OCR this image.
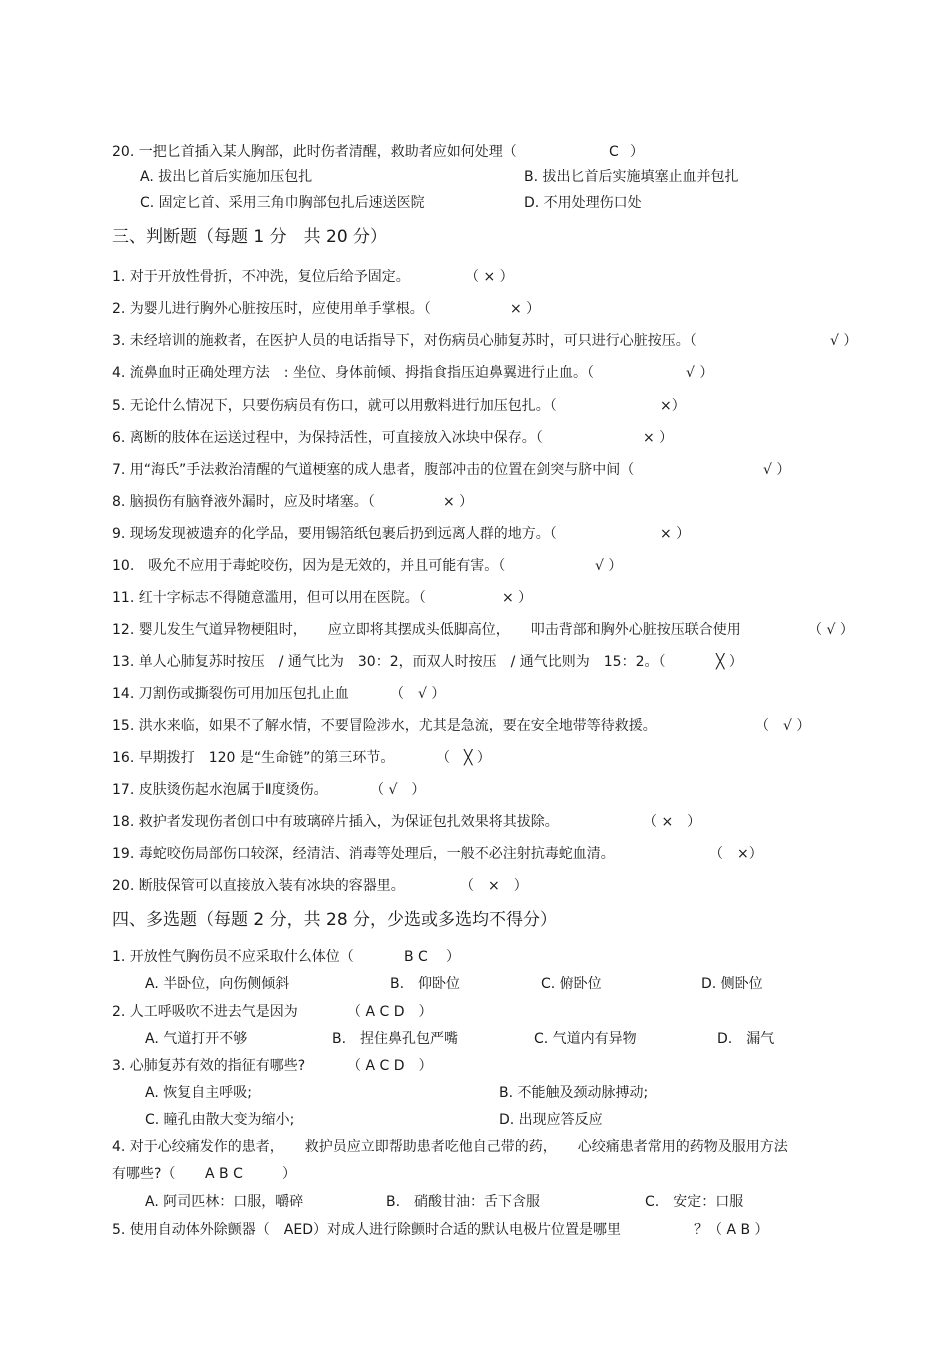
20. 一把匕首插入某人胸部，此时伤者清醒，救助者应如何处理（	C ）
A. 拔出匕首后实施加压包扎	B. 拔出匕首后实施填塞止血并包扎
C. 固定匕首、采用三角巾胸部包扎后速送医院	D. 不用处理伤口处
三、判断题（每题 1 分　共 20 分）
1. 对于开放性骨折，不冲洗，复位后给予固定。	（ × ）
2. 为婴儿进行胸外心脏按压时，应使用单手掌根。（	× ）
3. 未经培训的施救者，在医护人员的电话指导下，对伤病员心肺复苏时，可只进行心脏按压。（	√ ）
4. 流鼻血时正确处理方法　: 坐位、身体前倾、拇指食指压迫鼻翼进行止血。（	√ ）
5. 无论什么情况下，只要伤病员有伤口，就可以用敷料进行加压包扎。（	×）
6. 离断的肢体在运送过程中，为保持活性，可直接放入冰块中保存。（	× ）
7. 用“海氏”手法救治清醒的气道梗塞的成人患者，腹部冲击的位置在剑突与脐中间（	√ ）
8. 脑损伤有脑脊液外漏时，应及时堵塞。（	× ）
9. 现场发现被遗弃的化学品，要用锡箔纸包裹后扔到远离人群的地方。（	× ）
10.　吸允不应用于毒蛇咬伤，因为是无效的，并且可能有害。（	√ ）
11. 红十字标志不得随意滥用，但可以用在医院。（	× ）
12. 婴儿发生气道异物梗阻时，　　应立即将其摆成头低脚高位，　　叩击背部和胸外心脏按压联合使用	（ √ ）
13. 单人心肺复苏时按压　/ 通气比为　30：2，而双人时按压　/ 通气比则为　15：2。（	╳ ）
14. 刀割伤或撕裂伤可用加压包扎止血	（　√ ）
15. 洪水来临，如果不了解水情，不要冒险涉水，尤其是急流，要在安全地带等待救援。	（　√ ）
16. 早期拨打　120 是“生命链”的第三环节。	（　╳ ）
17. 皮肤烫伤起水泡属于Ⅱ度烫伤。	（ √　）
18. 救护者发现伤者创口中有玻璃碎片插入，为保证包扎效果将其拔除。	（ ×　）
19. 毒蛇咬伤局部伤口较深，经清洁、消毒等处理后，一般不必注射抗毒蛇血清。	（　×）
20. 断肢保管可以直接放入装有冰块的容器里。	（　×　）
四、多选题（每题 2 分，共 28 分，少选或多选均不得分）
1. 开放性气胸伤员不应采取什么体位（	B C ）
A. 半卧位，向伤侧倾斜	B.　仰卧位	C. 俯卧位	D. 侧卧位
2. 人工呼吸吹不进去气是因为	（ A C D　）
A. 气道打开不够	B.　捏住鼻孔包严嘴	C. 气道内有异物	D.　漏气
3. 心肺复苏有效的指征有哪些?	（ A C D　）
A. 恢复自主呼吸;	B. 不能触及颈动脉搏动;
C. 瞳孔由散大变为缩小;	D. 出现应答反应
4. 对于心绞痛发作的患者，　　救护员应立即帮助患者吃他自己带的药，　　心绞痛患者常用的药物及服用方法
有哪些?（ A B C	）
A. 阿司匹林：口服，嚼碎	B.　硝酸甘油：舌下含服	C.　安定：口服
5. 使用自动体外除颤器（　AED）对成人进行除颤时合适的默认电极片位置是哪里	？（ A B ）
